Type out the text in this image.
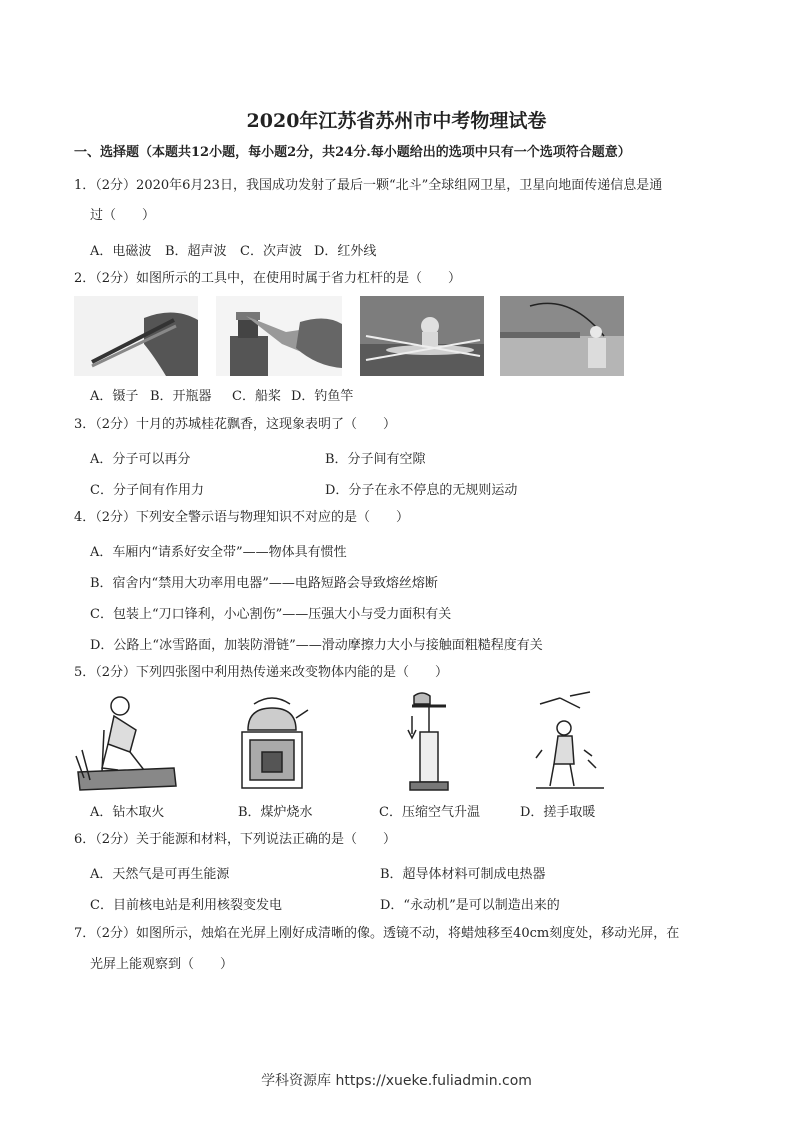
2020年江苏省苏州市中考物理试卷
一、选择题（本题共12小题，每小题2分，共24分.每小题给出的选项中只有一个选项符合题意）
1．（2分）2020年6月23日，我国成功发射了最后一颗“北斗”全球组网卫星，卫星向地面传递信息是通
过（　　）
A．电磁波 B．超声波 C．次声波 D．红外线
2．（2分）如图所示的工具中，在使用时属于省力杠杆的是（　　）
A．镊子 B．开瓶器 C．船桨 D．钓鱼竿
3．（2分）十月的苏城桂花飘香，这现象表明了（　　）
A．分子可以再分	B．分子间有空隙
C．分子间有作用力	D．分子在永不停息的无规则运动
4．（2分）下列安全警示语与物理知识不对应的是（　　）
A．车厢内“请系好安全带”——物体具有惯性
B．宿舍内“禁用大功率用电器”——电路短路会导致熔丝熔断
C．包装上“刀口锋利，小心割伤”——压强大小与受力面积有关
D．公路上“冰雪路面，加装防滑链”——滑动摩擦力大小与接触面粗糙程度有关
5．（2分）下列四张图中利用热传递来改变物体内能的是（　　）
A．钻木取火	B．煤炉烧水	C．压缩空气升温	D．搓手取暖
6．（2分）关于能源和材料，下列说法正确的是（　　）
A．天然气是可再生能源	B．超导体材料可制成电热器
C．目前核电站是利用核裂变发电	D．“永动机”是可以制造出来的
7．（2分）如图所示，烛焰在光屏上刚好成清晰的像。透镜不动，将蜡烛移至40cm刻度处，移动光屏，在
光屏上能观察到（　　）
学科资源库 https://xueke.fuliadmin.com
